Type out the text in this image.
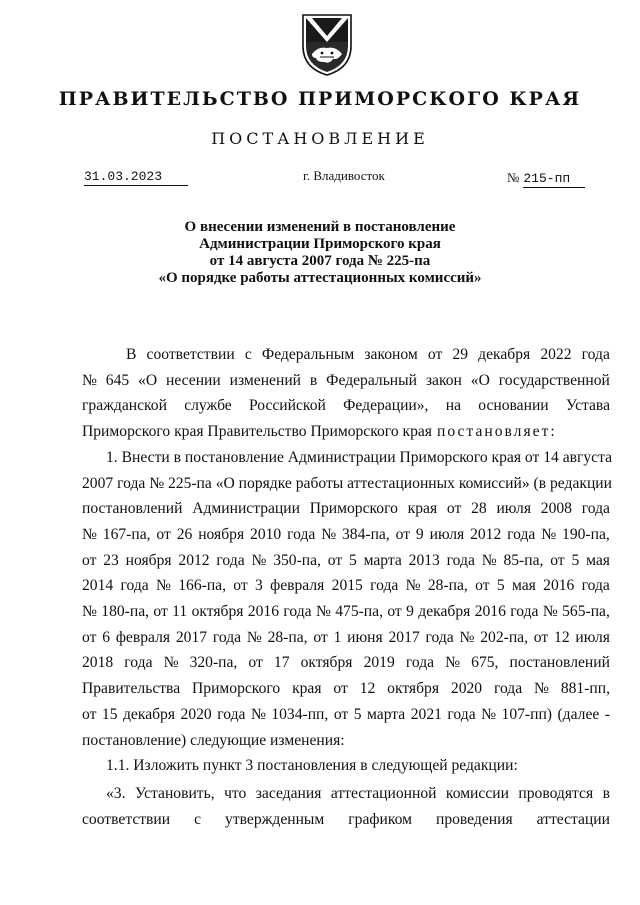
ПРАВИТЕЛЬСТВО ПРИМОРСКОГО КРАЯ
ПОСТАНОВЛЕНИЕ
31.03.2023	г. Владивосток	№ 215-пп
О внесении изменений в постановление
Администрации Приморского края
от 14 августа 2007 года № 225-па
«О порядке работы аттестационных комиссий»
В соответствии с Федеральным законом от 29 декабря 2022 года
№ 645 «О несении изменений в Федеральный закон «О государственной
гражданской службе Российской Федерации», на основании Устава
Приморского края Правительство Приморского края постановляет:
1. Внести в постановление Администрации Приморского края от 14 августа
2007 года № 225-па «О порядке работы аттестационных комиссий» (в редакции
постановлений Администрации Приморского края от 28 июля 2008 года
№ 167-па, от 26 ноября 2010 года № 384-па, от 9 июля 2012 года № 190-па,
от 23 ноября 2012 года № 350-па, от 5 марта 2013 года № 85-па, от 5 мая
2014 года № 166-па, от 3 февраля 2015 года № 28-па, от 5 мая 2016 года
№ 180-па, от 11 октября 2016 года № 475-па, от 9 декабря 2016 года № 565-па,
от 6 февраля 2017 года № 28-па, от 1 июня 2017 года № 202-па, от 12 июля
2018 года № 320-па, от 17 октября 2019 года № 675, постановлений
Правительства Приморского края от 12 октября 2020 года № 881-пп,
от 15 декабря 2020 года № 1034-пп, от 5 марта 2021 года № 107-пп) (далее -
постановление) следующие изменения:
1.1. Изложить пункт 3 постановления в следующей редакции:
«3. Установить, что заседания аттестационной комиссии проводятся в
соответствии с утвержденным графиком проведения аттестации
